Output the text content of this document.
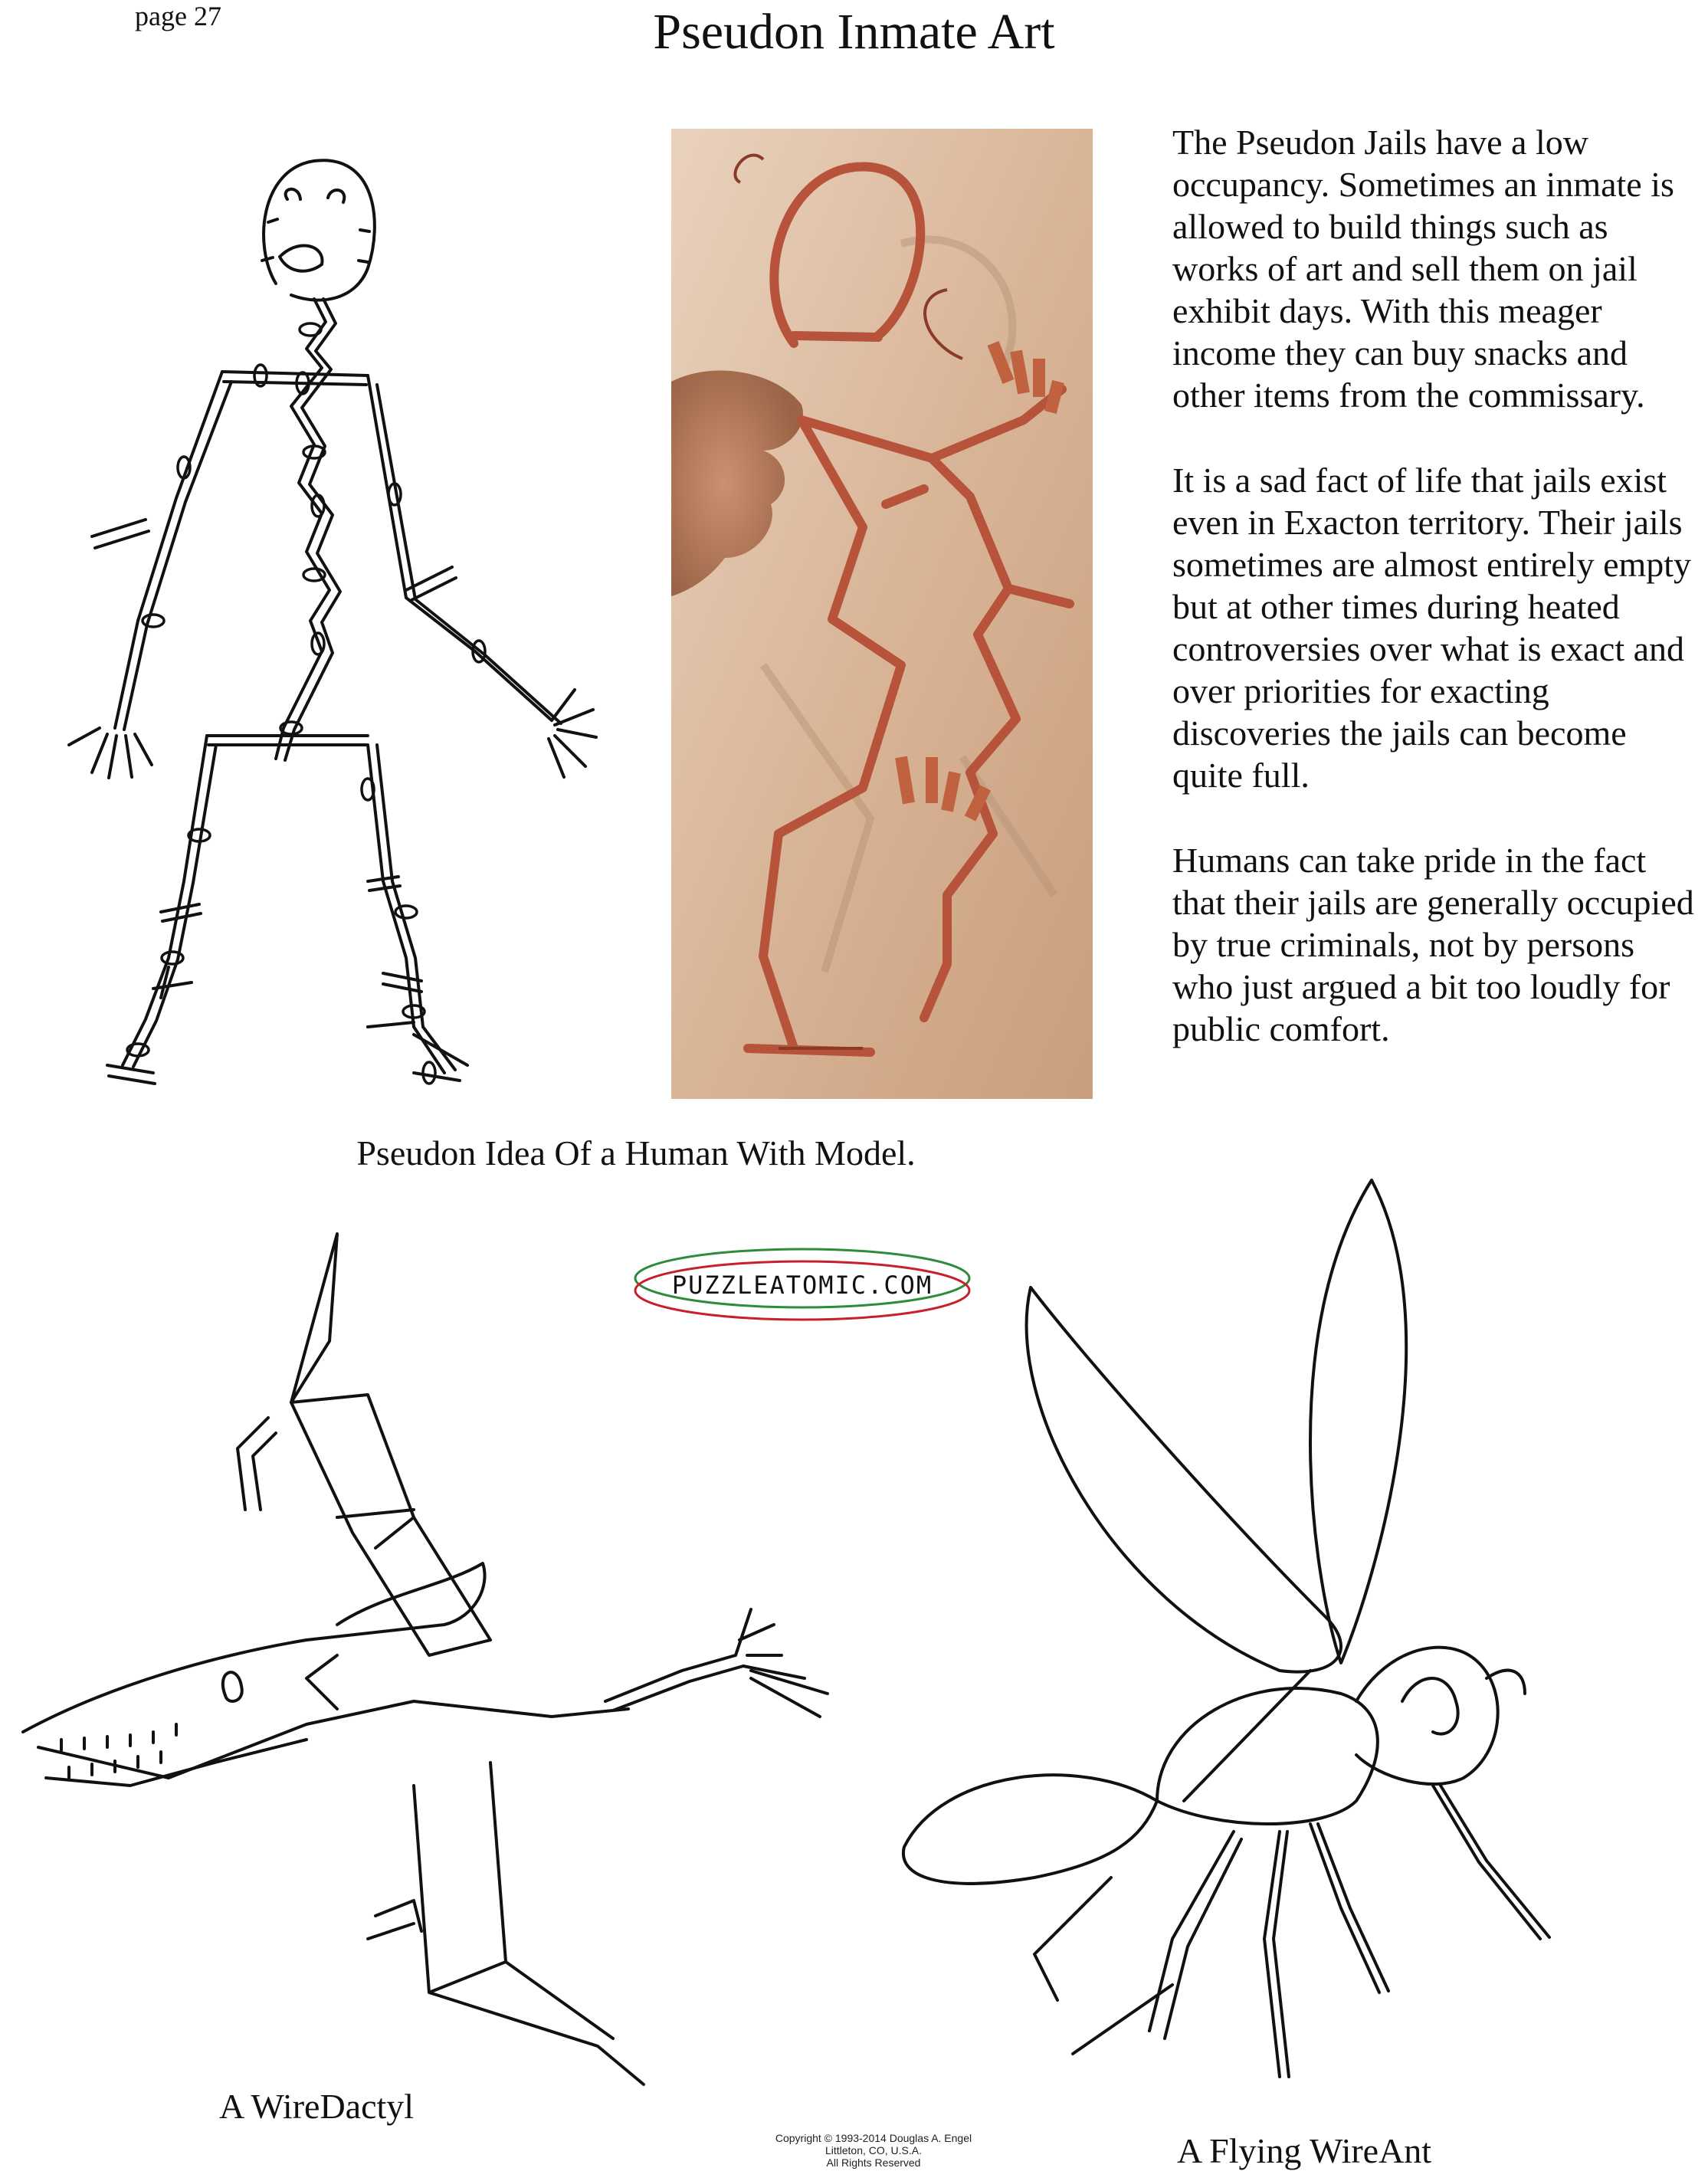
page 27	Pseudon Inmate Art

The Pseudon Jails have a low occupancy. Sometimes an inmate is allowed to build things such as works of art and sell them on jail exhibit days. With this meager income they can buy snacks and other items from the commissary.

It is a sad fact of life that jails exist even in Exacton territory. Their jails sometimes are almost entirely empty but at other times during heated controversies over what is exact and over priorities for exacting discoveries the jails can become quite full.

Humans can take pride in the fact that their jails are generally occupied by true criminals, not by persons who just argued a bit too loudly for public comfort.

Pseudon Idea Of a Human With Model.
PUZZLEATOMIC.COM
A WireDactyl
A Flying WireAnt
Copyright © 1993-2014 Douglas A. Engel
Littleton, CO, U.S.A.
All Rights Reserved
